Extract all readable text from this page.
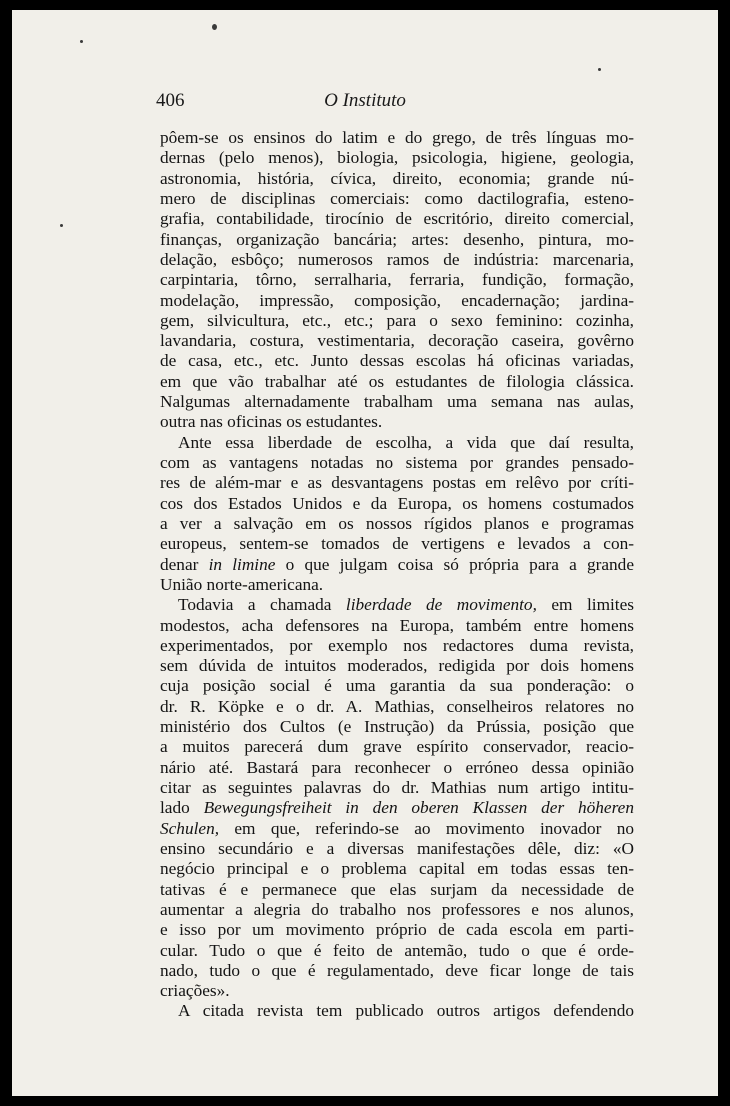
406	O Instituto
pôem-se os ensinos do latim e do grego, de três línguas mo-
dernas (pelo menos), biologia, psicologia, higiene, geologia,
astronomia, história, cívica, direito, economia; grande nú-
mero de disciplinas comerciais: como dactilografia, esteno-
grafia, contabilidade, tirocínio de escritório, direito comercial,
finanças, organização bancária; artes: desenho, pintura, mo-
delação, esbôço; numerosos ramos de indústria: marcenaria,
carpintaria, tôrno, serralharia, ferraria, fundição, formação,
modelação, impressão, composição, encadernação; jardina-
gem, silvicultura, etc., etc.; para o sexo feminino: cozinha,
lavandaria, costura, vestimentaria, decoração caseira, govêrno
de casa, etc., etc. Junto dessas escolas há oficinas variadas,
em que vão trabalhar até os estudantes de filologia clássica.
Nalgumas alternadamente trabalham uma semana nas aulas,
outra nas oficinas os estudantes.
Ante essa liberdade de escolha, a vida que daí resulta,
com as vantagens notadas no sistema por grandes pensado-
res de além-mar e as desvantagens postas em relêvo por críti-
cos dos Estados Unidos e da Europa, os homens costumados
a ver a salvação em os nossos rígidos planos e programas
europeus, sentem-se tomados de vertigens e levados a con-
denar in limine o que julgam coisa só própria para a grande
União norte-americana.
Todavia a chamada liberdade de movimento, em limites
modestos, acha defensores na Europa, também entre homens
experimentados, por exemplo nos redactores duma revista,
sem dúvida de intuitos moderados, redigida por dois homens
cuja posição social é uma garantia da sua ponderação: o
dr. R. Köpke e o dr. A. Mathias, conselheiros relatores no
ministério dos Cultos (e Instrução) da Prússia, posição que
a muitos parecerá dum grave espírito conservador, reacio-
nário até. Bastará para reconhecer o erróneo dessa opinião
citar as seguintes palavras do dr. Mathias num artigo intitu-
lado Bewegungsfreiheit in den oberen Klassen der höheren
Schulen, em que, referindo-se ao movimento inovador no
ensino secundário e a diversas manifestações dêle, diz: «O
negócio principal e o problema capital em todas essas ten-
tativas é e permanece que elas surjam da necessidade de
aumentar a alegria do trabalho nos professores e nos alunos,
e isso por um movimento próprio de cada escola em parti-
cular. Tudo o que é feito de antemão, tudo o que é orde-
nado, tudo o que é regulamentado, deve ficar longe de tais
criações».
A citada revista tem publicado outros artigos defendendo
